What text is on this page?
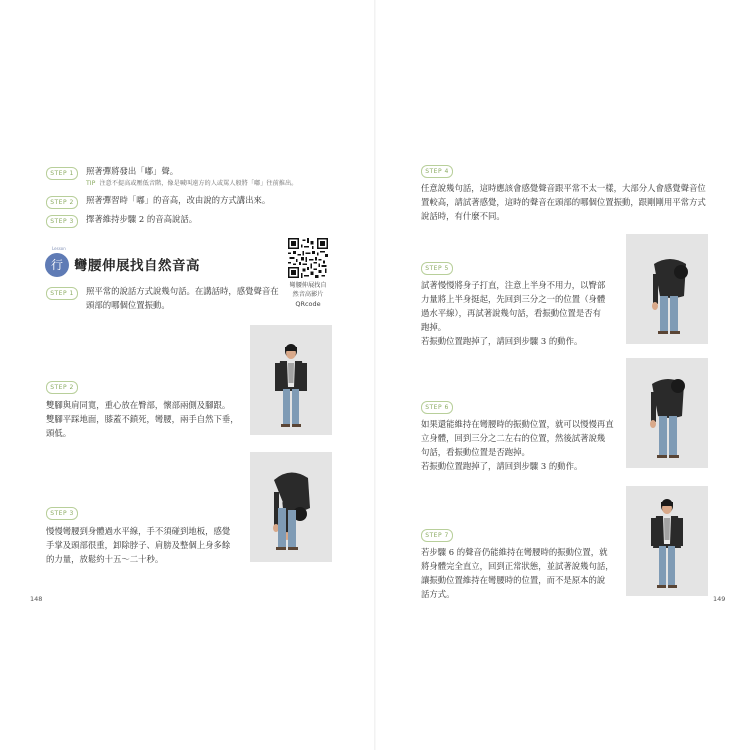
STEP 1	照著彈將發出「嘟」聲。
TIP 注意不提高或壓低音階，像是喊叫遠方的人或罵人般將「嘟」往前推出。
STEP 2	照著彈習時「嘟」的音高，改由說的方式講出來。
STEP 3	擇著維持步驟 2 的音高說話。
Lesson
行 彎腰伸展找自然音高
彎腰伸展找自
然音高影片
QRcode
STEP 1	照平常的說話方式說幾句話。在講話時，感覺聲音在
頭部的哪個位置振動。
STEP 2
雙腳與肩同寬，重心放在臀部，懷部兩側及腳跟。
雙腳平踩地面，膝蓋不鎖死，彎腰，兩手自然下垂，
頭低。
STEP 3
慢慢彎腰到身體過水平線，手不須碰到地板，感覺
手掌及頭部很重，卸除脖子、肩膀及整個上身多餘
的力量，放鬆約十五～二十秒。
148
STEP 4
任意說幾句話，這時應該會感覺聲音跟平常不太一樣，大部分人會感覺聲音位
置較高，請試著感覺，這時的聲音在頭部的哪個位置振動，跟剛剛用平常方式
說話時，有什麼不同。
STEP 5
試著慢慢將身子打直，注意上半身不用力，以臀部
力量將上半身挺起，先回到三分之一的位置（身體
過水平線），再試著說幾句話，看振動位置是否有
跑掉。
若振動位置跑掉了，請回到步驟 3 的動作。
STEP 6
如果還能維持在彎腰時的振動位置，就可以慢慢再直
立身體，回到三分之二左右的位置，然後試著說幾
句話，看振動位置是否跑掉。
若振動位置跑掉了，請回到步驟 3 的動作。
STEP 7
若步驟 6 的聲音仍能維持在彎腰時的振動位置，就
將身體完全直立，回到正常狀態，並試著說幾句話，
讓振動位置維持在彎腰時的位置，而不是原本的說
話方式。	149
